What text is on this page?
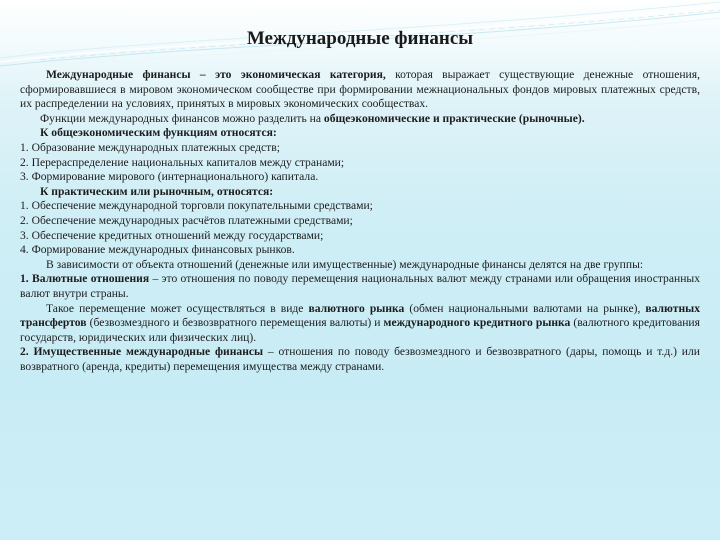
Международные финансы

Международные финансы – это экономическая категория, которая выражает существующие денежные отношения, сформировавшиеся в мировом экономическом сообществе при формировании межнациональных фондов мировых платежных средств, их распределении на условиях, принятых в мировых экономических сообществах.

Функции международных финансов можно разделить на общеэкономические и практические (рыночные).

К общеэкономическим функциям относятся:

1. Образование международных платежных средств;

2. Перераспределение национальных капиталов между странами;

3. Формирование мирового (интернационального) капитала.

К практическим или рыночным, относятся:

1. Обеспечение международной торговли покупательными средствами;

2. Обеспечение международных расчётов платежными средствами;

3. Обеспечение кредитных отношений между государствами;

4. Формирование международных финансовых рынков.

В зависимости от объекта отношений (денежные или имущественные) международные финансы делятся на две группы:

1. Валютные отношения – это отношения по поводу перемещения национальных валют между странами или обращения иностранных валют внутри страны.

Такое перемещение может осуществляться в виде валютного рынка (обмен национальными валютами на рынке), валютных трансфертов (безвозмездного и безвозвратного перемещения валюты) и международного кредитного рынка (валютного кредитования государств, юридических или физических лиц).

2. Имущественные международные финансы – отношения по поводу безвозмездного и безвозвратного (дары, помощь и т.д.) или возвратного (аренда, кредиты) перемещения имущества между странами.
